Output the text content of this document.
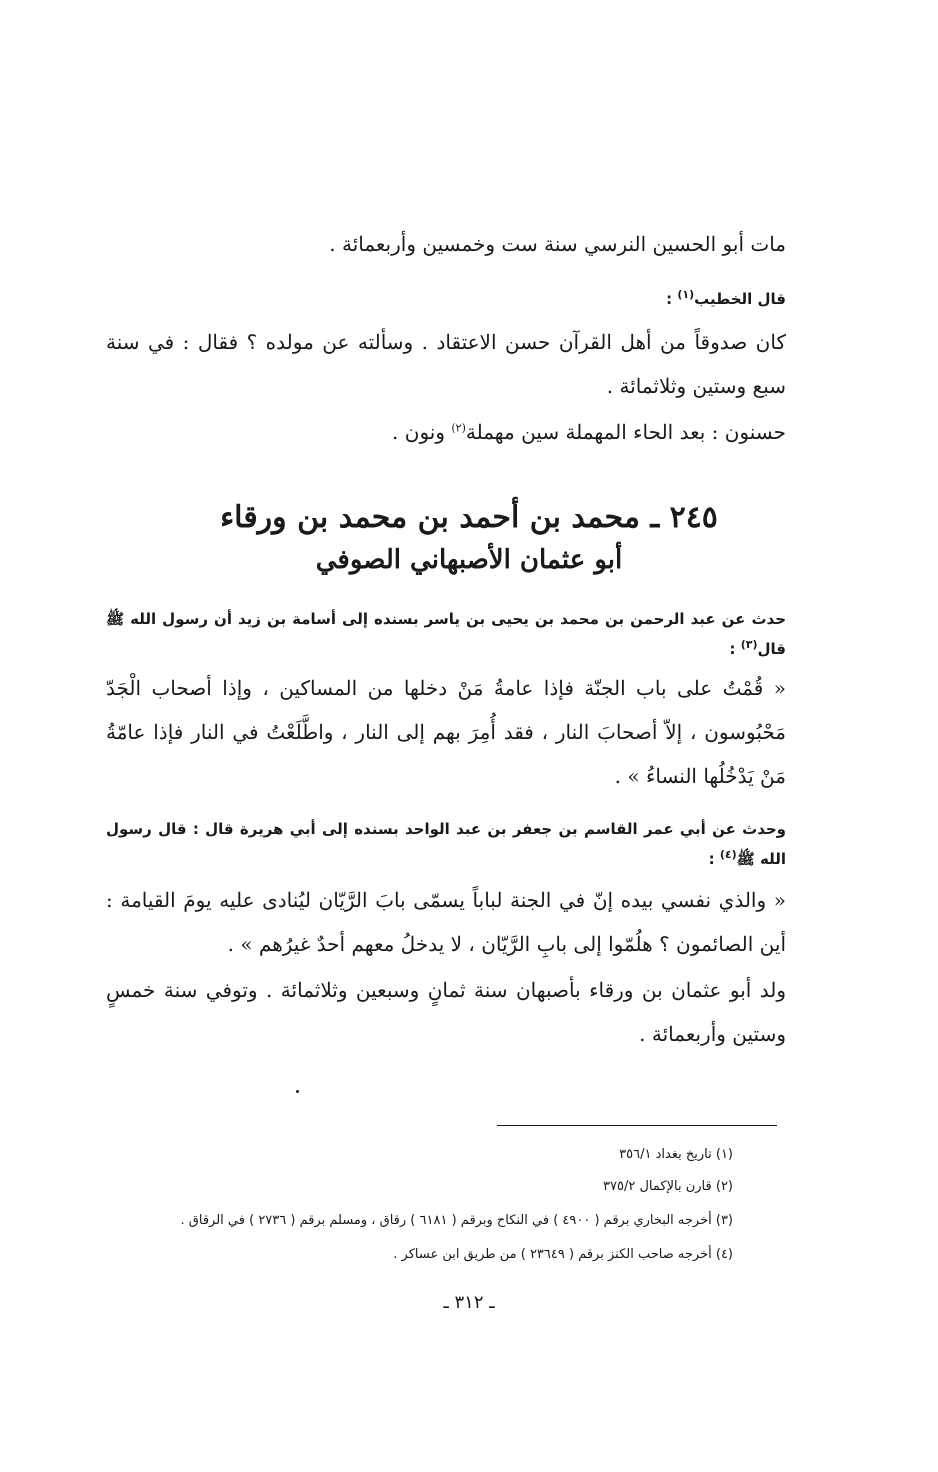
مات أبو الحسين النرسي سنة ست وخمسين وأربعمائة .

قال الخطيب$^{(١)}$ :

كان صدوقاً من أهل القرآن حسن الاعتقاد . وسألته عن مولده ؟ فقال : في سنة سبع وستين وثلاثمائة .

حسنون : بعد الحاء المهملة سين مهملة$^{(٢)}$ ونون .

٢٤٥ ـ محمد بن أحمد بن محمد بن ورقاء
أبو عثمان الأصبهاني الصوفي

حدث عن عبد الرحمن بن محمد بن يحيى بن ياسر بسنده إلى أسامة بن زيد أن رسول الله ﷺ قال$^{(٣)}$ :

« قُمْتُ على باب الجنّة فإذا عامةُ مَنْ دخلها من المساكين ، وإذا أصحاب الْجَدّ مَحْبُوسون ، إلاّ أصحابَ النار ، فقد أُمِرَ بهم إلى النار ، واطَّلَعْتُ في النار فإذا عامّةُ مَنْ يَدْخُلُها النساءُ » .

وحدث عن أبي عمر القاسم بن جعفر بن عبد الواحد بسنده إلى أبي هريرة قال : قال رسول الله ﷺ$^{(٤)}$ :

« والذي نفسي بيده إنّ في الجنة لباباً يسمّى بابَ الرَّيّان ليُنادى عليه يومَ القيامة : أين الصائمون ؟ هلُمّوا إلى بابِ الرَّيّان ، لا يدخلُ معهم أحدٌ غيرُهم » .

ولد أبو عثمان بن ورقاء بأصبهان سنة ثمانٍ وسبعين وثلاثمائة . وتوفي سنة خمسٍ وستين وأربعمائة .

(١) تاريخ بغداد ٣٥٦/١

(٢) قارن بالإكمال ٣٧٥/٢

(٣) أخرجه البخاري برقم ( ٤٩٠٠ ) في النكاح وبرقم ( ٦١٨١ ) رقاق ، ومسلم برقم ( ٢٧٣٦ ) في الرقاق .

(٤) أخرجه صاحب الكنز برقم ( ٢٣٦٤٩ ) من طريق ابن عساكر .

ـ ٣١٢ ـ
